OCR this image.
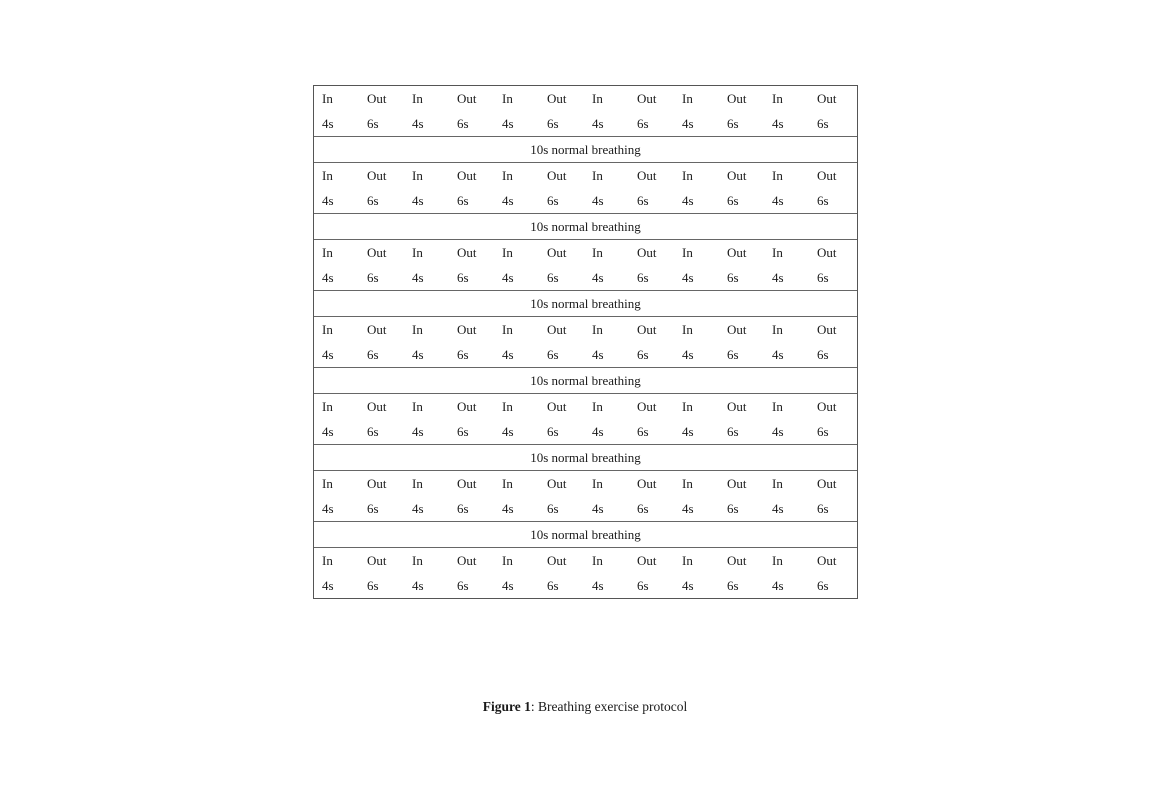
In	Out	In	Out	In	Out	In	Out	In	Out	In	Out
4s	6s	4s	6s	4s	6s	4s	6s	4s	6s	4s	6s
10s normal breathing
In	Out	In	Out	In	Out	In	Out	In	Out	In	Out
4s	6s	4s	6s	4s	6s	4s	6s	4s	6s	4s	6s
10s normal breathing
In	Out	In	Out	In	Out	In	Out	In	Out	In	Out
4s	6s	4s	6s	4s	6s	4s	6s	4s	6s	4s	6s
10s normal breathing
In	Out	In	Out	In	Out	In	Out	In	Out	In	Out
4s	6s	4s	6s	4s	6s	4s	6s	4s	6s	4s	6s
10s normal breathing
In	Out	In	Out	In	Out	In	Out	In	Out	In	Out
4s	6s	4s	6s	4s	6s	4s	6s	4s	6s	4s	6s
10s normal breathing
In	Out	In	Out	In	Out	In	Out	In	Out	In	Out
4s	6s	4s	6s	4s	6s	4s	6s	4s	6s	4s	6s
10s normal breathing
In	Out	In	Out	In	Out	In	Out	In	Out	In	Out
4s	6s	4s	6s	4s	6s	4s	6s	4s	6s	4s	6s
Figure 1: Breathing exercise protocol
